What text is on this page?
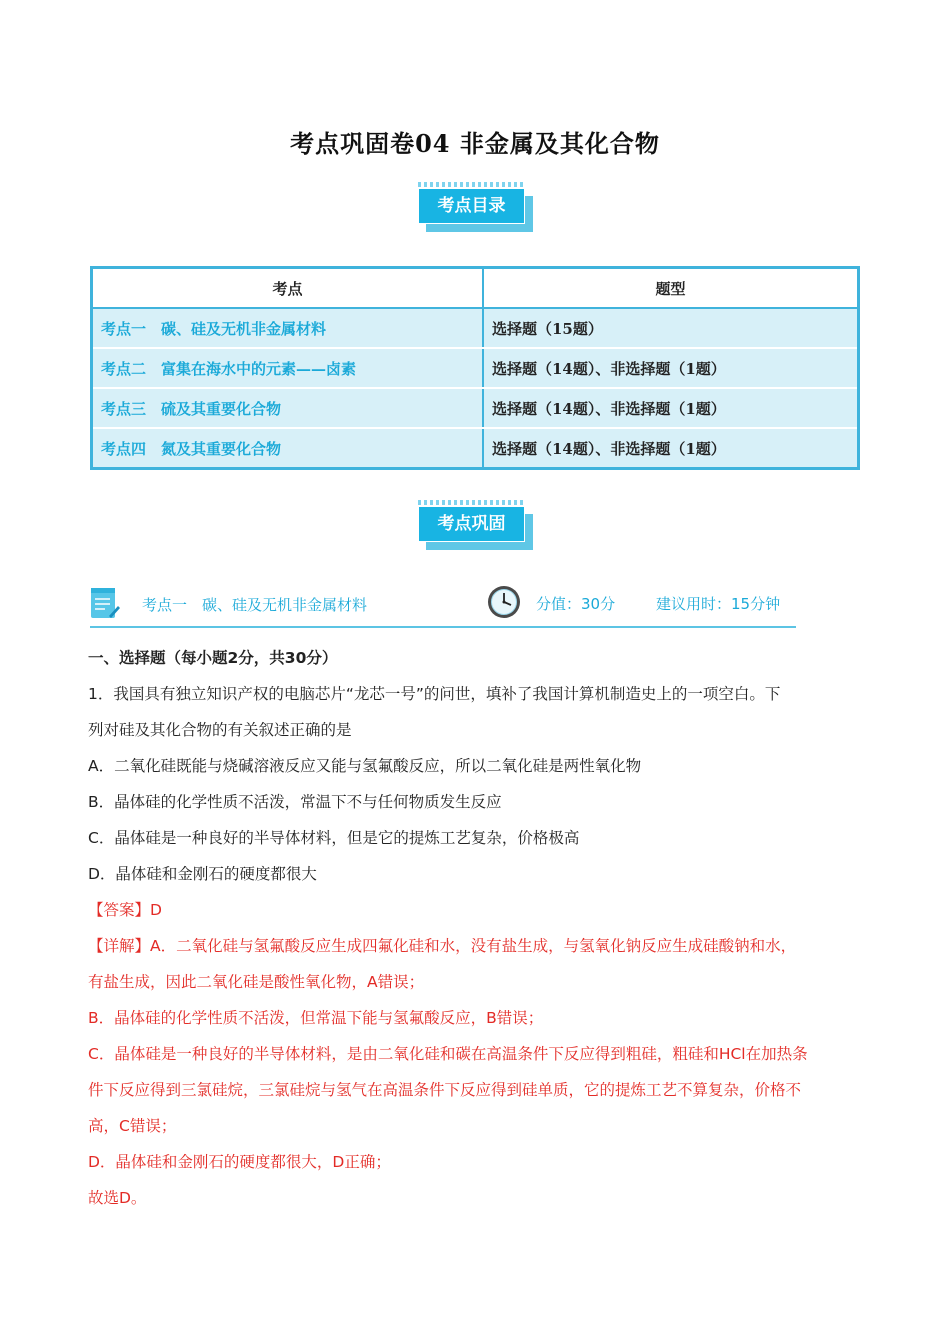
考点巩固卷04 非金属及其化合物
考点目录
考点	题型
考点一　碳、硅及无机非金属材料	选择题（15题）
考点二　富集在海水中的元素——卤素	选择题（14题）、非选择题（1题）
考点三　硫及其重要化合物	选择题（14题）、非选择题（1题）
考点四　氮及其重要化合物	选择题（14题）、非选择题（1题）
考点巩固
考点一　碳、硅及无机非金属材料	分值：30分	建议用时：15分钟
一、选择题（每小题2分，共30分）
1．我国具有独立知识产权的电脑芯片“龙芯一号”的问世，填补了我国计算机制造史上的一项空白。下
列对硅及其化合物的有关叙述正确的是
A．二氧化硅既能与烧碱溶液反应又能与氢氟酸反应，所以二氧化硅是两性氧化物
B．晶体硅的化学性质不活泼，常温下不与任何物质发生反应
C．晶体硅是一种良好的半导体材料，但是它的提炼工艺复杂，价格极高
D．晶体硅和金刚石的硬度都很大
【答案】D
【详解】A．二氧化硅与氢氟酸反应生成四氟化硅和水，没有盐生成，与氢氧化钠反应生成硅酸钠和水，
有盐生成，因此二氧化硅是酸性氧化物，A错误；
B．晶体硅的化学性质不活泼，但常温下能与氢氟酸反应，B错误；
C．晶体硅是一种良好的半导体材料，是由二氧化硅和碳在高温条件下反应得到粗硅，粗硅和HCl在加热条
件下反应得到三氯硅烷，三氯硅烷与氢气在高温条件下反应得到硅单质，它的提炼工艺不算复杂，价格不
高，C错误；
D．晶体硅和金刚石的硬度都很大，D正确；
故选D。
